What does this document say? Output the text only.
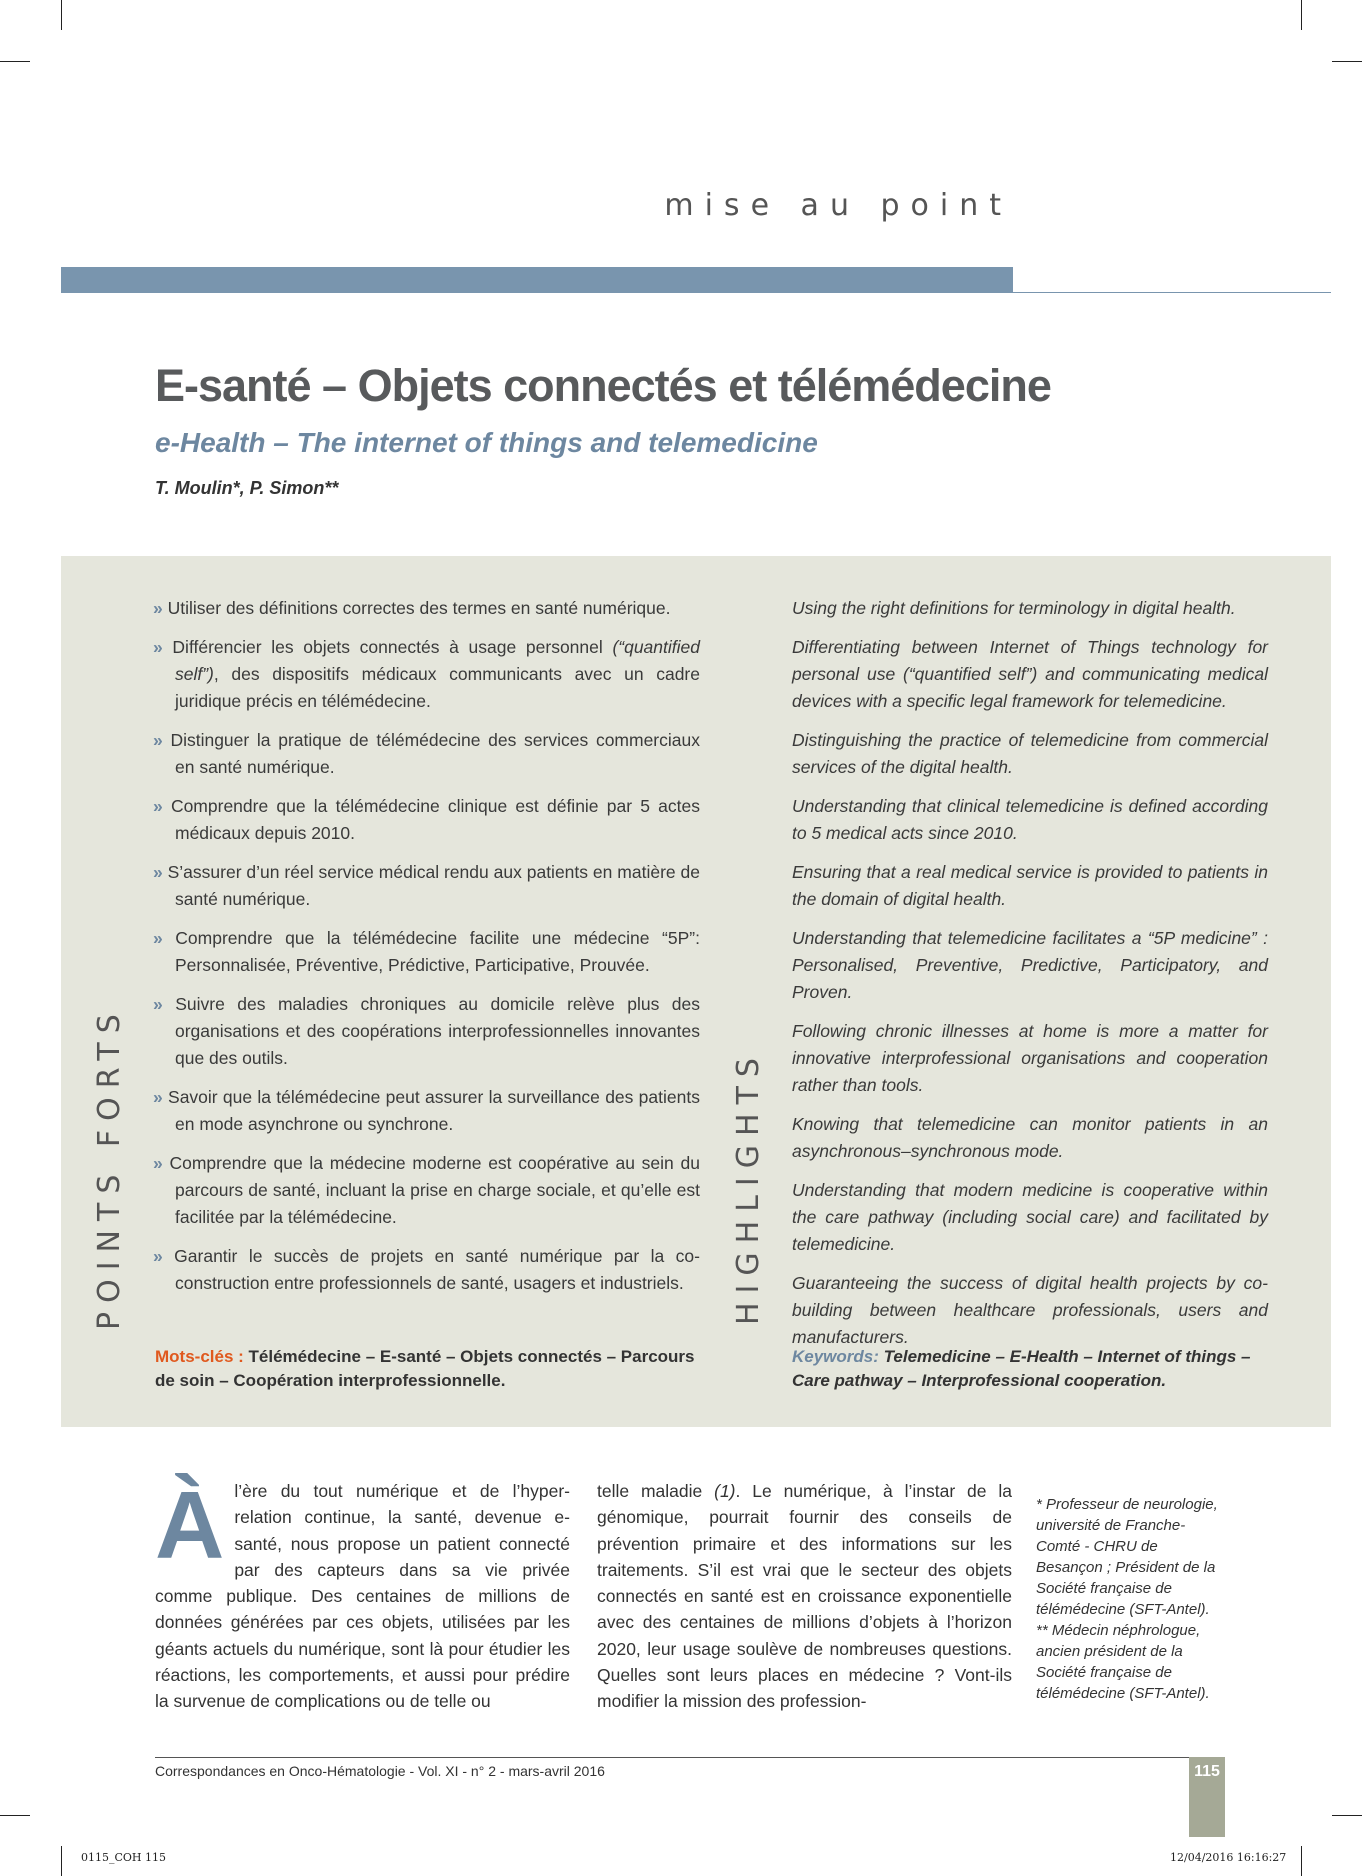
mise au point
E-santé – Objets connectés et télémédecine
e-Health – The internet of things and telemedicine

T. Moulin*, P. Simon**

POINTS FORTS	HIGHLIGHTS

» Utiliser des définitions correctes des termes en santé numérique.

» Différencier les objets connectés à usage personnel (“quantified self”), des dispositifs médicaux communicants avec un cadre juridique précis en télémédecine.

» Distinguer la pratique de télémédecine des services commerciaux en santé numérique.

» Comprendre que la télémédecine clinique est définie par 5 actes médicaux depuis 2010.

» S’assurer d’un réel service médical rendu aux patients en matière de santé numérique.

» Comprendre que la télémédecine facilite une médecine “5P”: Personnalisée, Préventive, Prédictive, Participative, Prouvée.

» Suivre des maladies chroniques au domicile relève plus des organisations et des coopérations interprofessionnelles innovantes que des outils.

» Savoir que la télémédecine peut assurer la surveillance des patients en mode asynchrone ou synchrone.

» Comprendre que la médecine moderne est coopérative au sein du parcours de santé, incluant la prise en charge sociale, et qu’elle est facilitée par la télémédecine.

» Garantir le succès de projets en santé numérique par la co-construction entre professionnels de santé, usagers et industriels.

Using the right definitions for terminology in digital health.

Differentiating between Internet of Things technology for personal use (“quantified self”) and communicating medical devices with a specific legal framework for telemedicine.

Distinguishing the practice of telemedicine from commercial services of the digital health.

Understanding that clinical telemedicine is defined according to 5 medical acts since 2010.

Ensuring that a real medical service is provided to patients in the domain of digital health.

Understanding that telemedicine facilitates a “5P medicine” : Personalised, Preventive, Predictive, Participatory, and Proven.

Following chronic illnesses at home is more a matter for innovative interprofessional organisations and cooperation rather than tools.

Knowing that telemedicine can monitor patients in an asynchronous–synchronous mode.

Understanding that modern medicine is cooperative within the care pathway (including social care) and facilitated by telemedicine.

Guaranteeing the success of digital health projects by co-building between healthcare professionals, users and manufacturers.

Mots-clés : Télémédecine – E-santé – Objets connectés – Parcours de soin – Coopération interprofessionnelle.
Keywords: Telemedicine – E-Health – Internet of things – Care pathway – Interprofessional cooperation.

À l’ère du tout numérique et de l’hyper-relation continue, la santé, devenue e-santé, nous propose un patient connecté par des capteurs dans sa vie privée comme publique. Des centaines de millions de données générées par ces objets, utilisées par les géants actuels du numérique, sont là pour étudier les réactions, les comportements, et aussi pour prédire la survenue de complications ou de telle ou

telle maladie (1). Le numérique, à l’instar de la génomique, pourrait fournir des conseils de prévention primaire et des informations sur les traitements. S’il est vrai que le secteur des objets connectés en santé est en croissance exponentielle avec des centaines de millions d’objets à l’horizon 2020, leur usage soulève de nombreuses questions. Quelles sont leurs places en médecine ? Vont-ils modifier la mission des profession-

* Professeur de neurologie, université de Franche-Comté - CHRU de Besançon ; Président de la Société française de télémédecine (SFT-Antel).

** Médecin néphrologue, ancien président de la Société française de télémédecine (SFT-Antel).

Correspondances en Onco-Hématologie - Vol. XI - n° 2 - mars-avril 2016	115
0115_COH 115	12/04/2016 16:16:27
